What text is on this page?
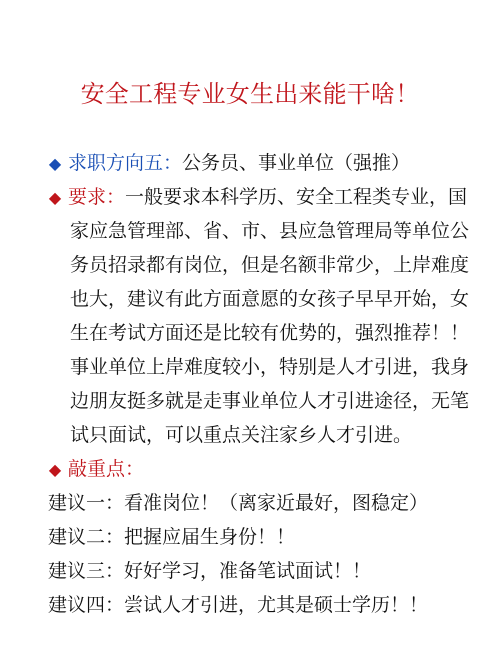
安全工程专业女生出来能干啥！
◆ 求职方向五：公务员、事业单位（强推）
◆ 要求：一般要求本科学历、安全工程类专业，国
家应急管理部、省、市、县应急管理局等单位公
务员招录都有岗位，但是名额非常少，上岸难度
也大，建议有此方面意愿的女孩子早早开始，女
生在考试方面还是比较有优势的，强烈推荐！！
事业单位上岸难度较小，特别是人才引进，我身
边朋友挺多就是走事业单位人才引进途径，无笔
试只面试，可以重点关注家乡人才引进。
◆ 敲重点：
建议一：看准岗位！（离家近最好，图稳定）
建议二：把握应届生身份！！
建议三：好好学习，准备笔试面试！！
建议四：尝试人才引进，尤其是硕士学历！！
